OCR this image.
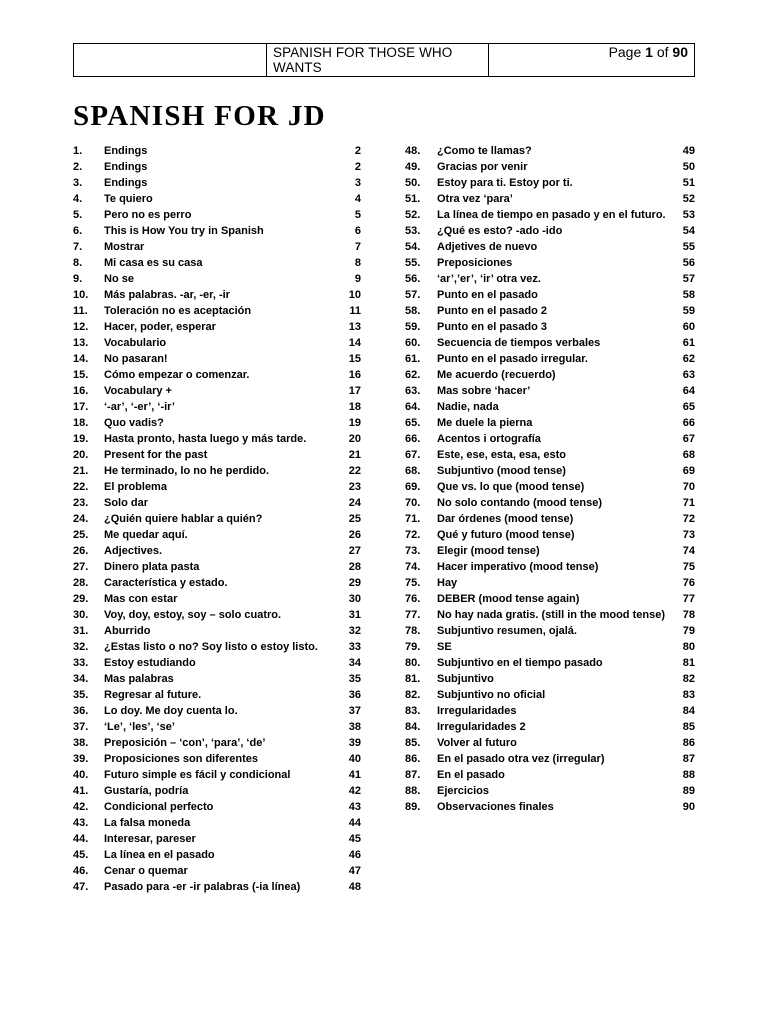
SPANISH FOR THOSE WHO WANTS
Page 1 of 90
SPANISH FOR JD
1. Endings	2
2. Endings	2
3. Endings	3
4. Te quiero	4
5. Pero no es perro	5
6. This is How You try in Spanish	6
7. Mostrar	7
8. Mi casa es su casa	8
9. No se	9
10. Más palabras. -ar, -er, -ir	10
11. Toleración no es aceptación	11
12. Hacer, poder, esperar	13
13. Vocabulario	14
14. No pasaran!	15
15. Cómo empezar o comenzar.	16
16. Vocabulary +	17
17. ‘-ar’, ‘-er’, ‘-ir’	18
18. Quo vadis?	19
19. Hasta pronto, hasta luego y más tarde.	20
20. Present for the past	21
21. He terminado, lo no he perdido.	22
22. El problema	23
23. Solo dar	24
24. ¿Quién quiere hablar a quién?	25
25. Me quedar aquí.	26
26. Adjectives.	27
27. Dinero plata pasta	28
28. Característica y estado.	29
29. Mas con estar	30
30. Voy, doy, estoy, soy – solo cuatro.	31
31. Aburrido	32
32. ¿Estas listo o no? Soy listo o estoy listo.	33
33. Estoy estudiando	34
34. Mas palabras	35
35. Regresar al future.	36
36. Lo doy. Me doy cuenta lo.	37
37. ‘Le’, ‘les’, ‘se’	38
38. Preposición – ‘con’, ‘para’, ‘de’	39
39. Proposiciones son diferentes	40
40. Futuro simple es fácil y condicional	41
41. Gustaría, podría	42
42. Condicional perfecto	43
43. La falsa moneda	44
44. Interesar, pareser	45
45. La línea en el pasado	46
46. Cenar o quemar	47
47. Pasado para -er -ir palabras (-ia línea)	48
48. ¿Como te llamas?	49
49. Gracias por venir	50
50. Estoy para ti. Estoy por ti.	51
51. Otra vez ‘para’	52
52. La línea de tiempo en pasado y en el futuro. 53
53. ¿Qué es esto? -ado -ido	54
54. Adjetives de nuevo	55
55. Preposiciones	56
56. ‘ar’,’er’, ‘ir’ otra vez.	57
57. Punto en el pasado	58
58. Punto en el pasado 2	59
59. Punto en el pasado 3	60
60. Secuencia de tiempos verbales	61
61. Punto en el pasado irregular.	62
62. Me acuerdo (recuerdo)	63
63. Mas sobre ‘hacer’	64
64. Nadie, nada	65
65. Me duele la pierna	66
66. Acentos i ortografía	67
67. Este, ese, esta, esa, esto	68
68. Subjuntivo (mood tense)	69
69. Que vs. lo que (mood tense)	70
70. No solo contando (mood tense)	71
71. Dar órdenes (mood tense)	72
72. Qué y futuro (mood tense)	73
73. Elegir (mood tense)	74
74. Hacer imperativo (mood tense)	75
75. Hay	76
76. DEBER (mood tense again)	77
77. No hay nada gratis. (still in the mood tense) 78
78. Subjuntivo resumen, ojalá.	79
79. SE	80
80. Subjuntivo en el tiempo pasado	81
81. Subjuntivo	82
82. Subjuntivo no oficial	83
83. Irregularidades	84
84. Irregularidades 2	85
85. Volver al futuro	86
86. En el pasado otra vez (irregular)	87
87. En el pasado	88
88. Ejercicios	89
89. Observaciones finales	90
